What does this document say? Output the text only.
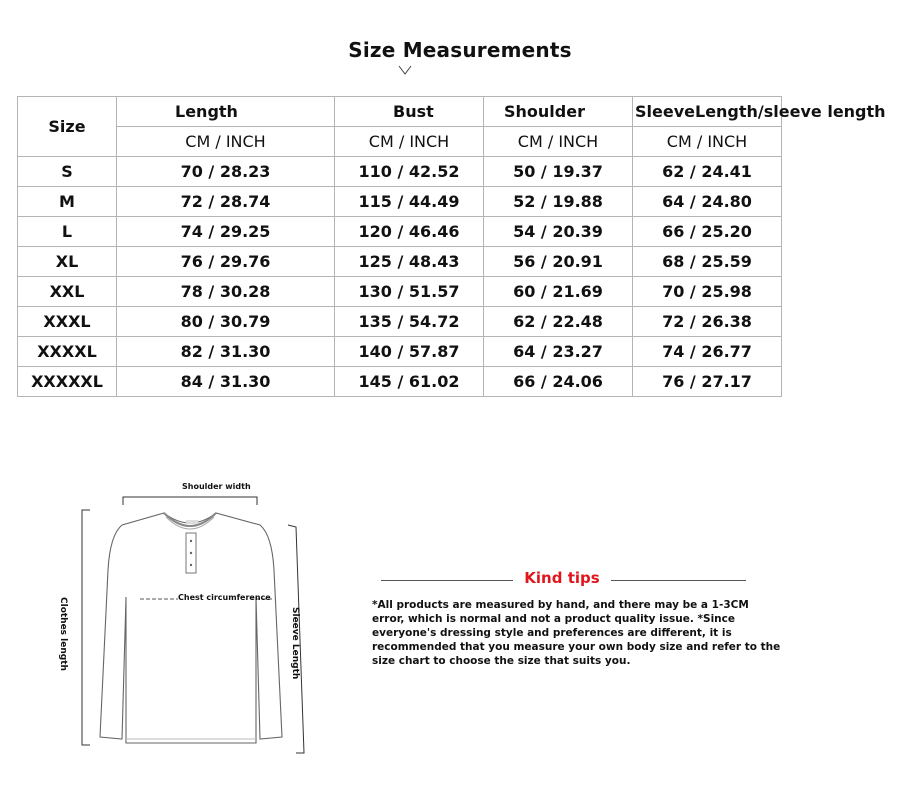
Size Measurements
Size	Length	Bust	Shoulder	SleeveLength/sleeve length
	CM / INCH	CM / INCH	CM / INCH	CM / INCH
S	70 / 28.23	110 / 42.52	50 / 19.37	62 / 24.41
M	72 / 28.74	115 / 44.49	52 / 19.88	64 / 24.80
L	74 / 29.25	120 / 46.46	54 / 20.39	66 / 25.20
XL	76 / 29.76	125 / 48.43	56 / 20.91	68 / 25.59
XXL	78 / 30.28	130 / 51.57	60 / 21.69	70 / 25.98
XXXL	80 / 30.79	135 / 54.72	62 / 22.48	72 / 26.38
XXXXL	82 / 31.30	140 / 57.87	64 / 23.27	74 / 26.77
XXXXXL	84 / 31.30	145 / 61.02	66 / 24.06	76 / 27.17
Shoulder width
Chest circumference
Clothes length	Sleeve Length
Kind tips
*All products are measured by hand, and there may be a 1-3CM error, which is normal and not a product quality issue. *Since everyone's dressing style and preferences are different, it is recommended that you measure your own body size and refer to the size chart to choose the size that suits you.
